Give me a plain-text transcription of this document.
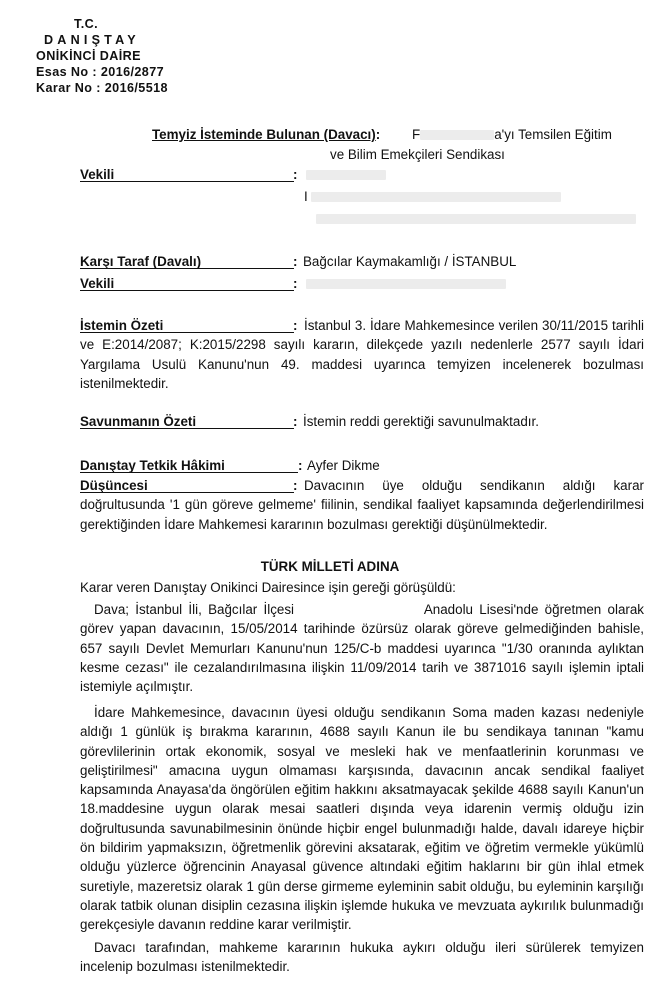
T.C.
DANIŞTAY
ONİKİNCİ DAİRE
Esas No : 2016/2877
Karar No : 2016/5518
Temyiz İsteminde Bulunan (Davacı): F	a'yı Temsilen Eğitim
ve Bilim Emekçileri Sendikası
Vekili	:
I
Karşı Taraf (Davalı)	: Bağcılar Kaymakamlığı / İSTANBUL
Vekili	:
İstemin Özeti	: İstanbul 3. İdare Mahkemesince verilen 30/11/2015 tarihli ve E:2014/2087; K:2015/2298 sayılı kararın, dilekçede yazılı nedenlerle 2577 sayılı İdari Yargılama Usulü Kanunu'nun 49. maddesi uyarınca temyizen incelenerek bozulması istenilmektedir.
Savunmanın Özeti	: İstemin reddi gerektiği savunulmaktadır.
Danıştay Tetkik Hâkimi	: Ayfer Dikme
Düşüncesi	: Davacının üye olduğu sendikanın aldığı karar doğrultusunda '1 gün göreve gelmeme' fiilinin, sendikal faaliyet kapsamında değerlendirilmesi gerektiğinden İdare Mahkemesi kararının bozulması gerektiği düşünülmektedir.
TÜRK MİLLETİ ADINA
Karar veren Danıştay Onikinci Dairesince işin gereği görüşüldü:
Dava; İstanbul İli, Bağcılar İlçesi	Anadolu Lisesi'nde öğretmen olarak görev yapan davacının, 15/05/2014 tarihinde özürsüz olarak göreve gelmediğinden bahisle, 657 sayılı Devlet Memurları Kanunu'nun 125/C-b maddesi uyarınca "1/30 oranında aylıktan kesme cezası" ile cezalandırılmasına ilişkin 11/09/2014 tarih ve 3871016 sayılı işlemin iptali istemiyle açılmıştır.
İdare Mahkemesince, davacının üyesi olduğu sendikanın Soma maden kazası nedeniyle aldığı 1 günlük iş bırakma kararının, 4688 sayılı Kanun ile bu sendikaya tanınan "kamu görevlilerinin ortak ekonomik, sosyal ve mesleki hak ve menfaatlerinin korunması ve geliştirilmesi" amacına uygun olmaması karşısında, davacının ancak sendikal faaliyet kapsamında Anayasa'da öngörülen eğitim hakkını aksatmayacak şekilde 4688 sayılı Kanun'un 18.maddesine uygun olarak mesai saatleri dışında veya idarenin vermiş olduğu izin doğrultusunda savunabilmesinin önünde hiçbir engel bulunmadığı halde, davalı idareye hiçbir ön bildirim yapmaksızın, öğretmenlik görevini aksatarak, eğitim ve öğretim vermekle yükümlü olduğu yüzlerce öğrencinin Anayasal güvence altındaki eğitim haklarını bir gün ihlal etmek suretiyle, mazeretsiz olarak 1 gün derse girmeme eyleminin sabit olduğu, bu eyleminin karşılığı olarak tatbik olunan disiplin cezasına ilişkin işlemde hukuka ve mevzuata aykırılık bulunmadığı gerekçesiyle davanın reddine karar verilmiştir.
Davacı tarafından, mahkeme kararının hukuka aykırı olduğu ileri sürülerek temyizen incelenip bozulması istenilmektedir.
